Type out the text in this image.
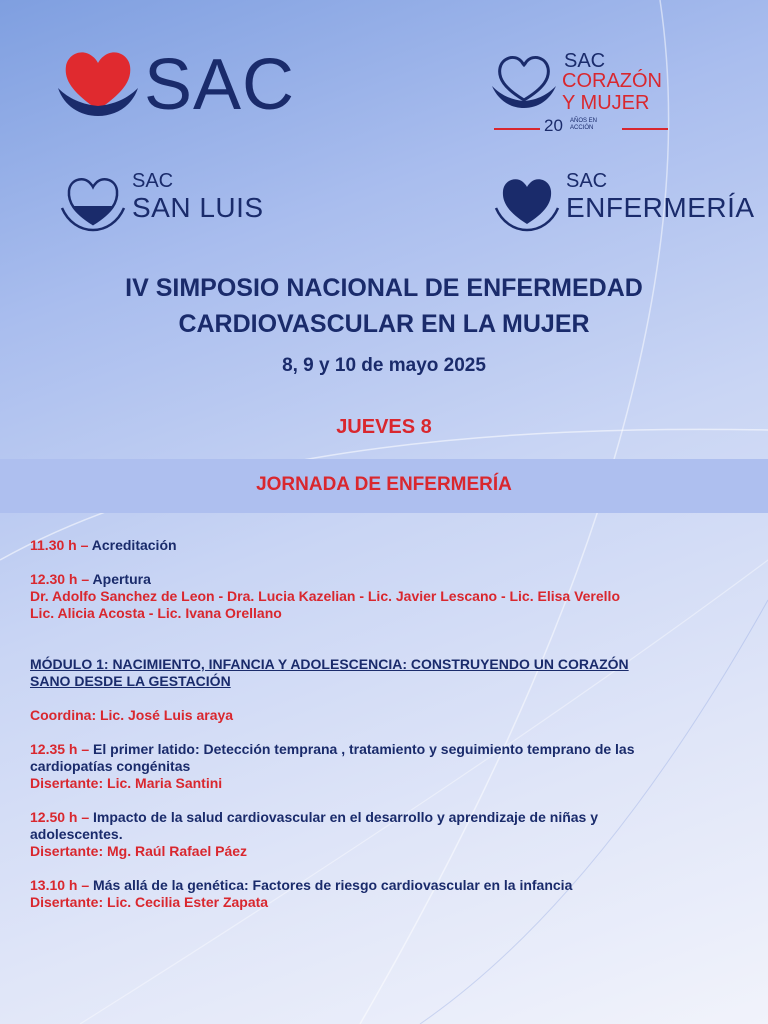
SAC	SAC
CORAZÓN
Y MUJER
20 AÑOS EN ACCIÓN
SAC
SAN LUIS
SAC
ENFERMERÍA
IV SIMPOSIO NACIONAL DE ENFERMEDAD
CARDIOVASCULAR EN LA MUJER
8, 9 y 10 de mayo 2025
JUEVES 8
JORNADA DE ENFERMERÍA

11.30 h – Acreditación

12.30 h – Apertura

Dr. Adolfo Sanchez de Leon - Dra. Lucia Kazelian - Lic. Javier Lescano - Lic. Elisa Verello

Lic. Alicia Acosta - Lic. Ivana Orellano

MÓDULO 1: NACIMIENTO, INFANCIA Y ADOLESCENCIA: CONSTRUYENDO UN CORAZÓN

SANO DESDE LA GESTACIÓN

Coordina: Lic. José Luis araya

12.35 h – El primer latido: Detección temprana , tratamiento y seguimiento temprano de las

cardiopatías congénitas

Disertante: Lic. Maria Santini

12.50 h – Impacto de la salud cardiovascular en el desarrollo y aprendizaje de niñas y

adolescentes.

Disertante: Mg. Raúl Rafael Páez

13.10 h – Más allá de la genética: Factores de riesgo cardiovascular en la infancia

Disertante: Lic. Cecilia Ester Zapata
